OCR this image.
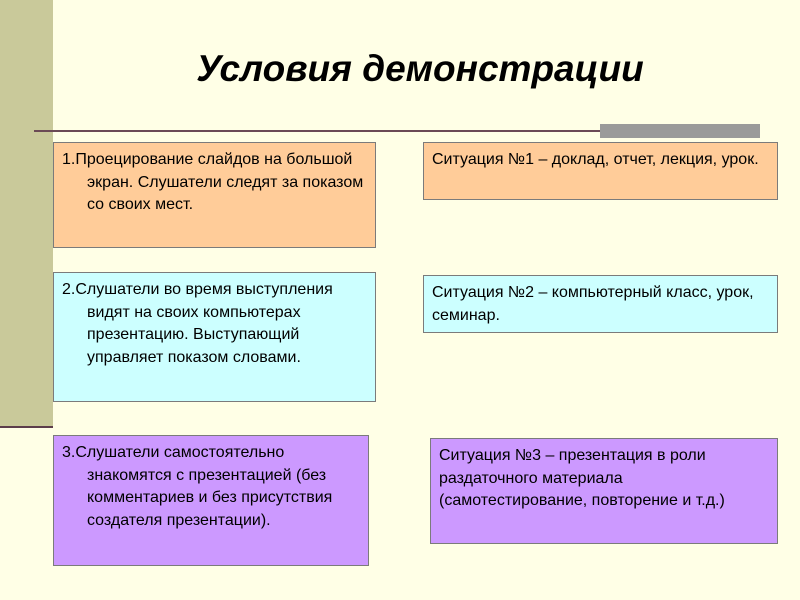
Условия демонстрации
1.Проецирование слайдов на большой экран. Слушатели следят за показом со своих мест.
2.Слушатели во время выступления видят на своих компьютерах презентацию. Выступающий управляет показом словами.
3.Слушатели самостоятельно знакомятся с презентацией (без комментариев и без присутствия создателя презентации).
Ситуация №1 – доклад, отчет, лекция, урок.
Ситуация №2 – компьютерный класс, урок, семинар.
Ситуация №3 – презентация в роли раздаточного материала (самотестирование, повторение и т.д.)
